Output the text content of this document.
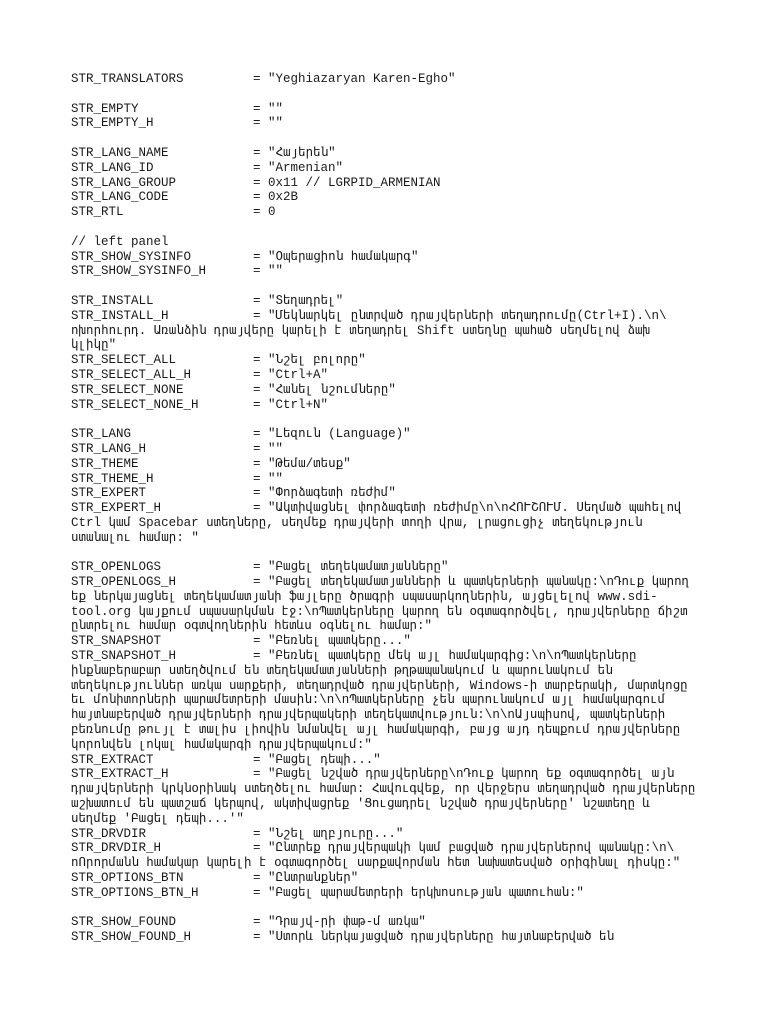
STR_TRANSLATORS	= "Yeghiazaryan Karen-Egho"
STR_EMPTY	= ""
STR_EMPTY_H	= ""
STR_LANG_NAME	= "Հայերեն"
STR_LANG_ID	= "Armenian"
STR_LANG_GROUP	= 0x11 // LGRPID_ARMENIAN
STR_LANG_CODE	= 0x2B
STR_RTL	= 0
// left panel
STR_SHOW_SYSINFO	= "Օպերացիոն համակարգ"
STR_SHOW_SYSINFO_H	= ""
STR_INSTALL	= "Տեղադրել"
STR_INSTALL_H	= "Մեկնարկել ընտրված դրայվերների տեղադրումը(Ctrl+I).\n\
ոխորհուրդ. Առանձին դրայվերը կարելի է տեղադրել Shift ստեղնը պահած սեղմելով ձախ
կլիկը"
STR_SELECT_ALL	= "Նշել բոլորը"
STR_SELECT_ALL_H	= "Ctrl+A"
STR_SELECT_NONE	= "Հանել նշումները"
STR_SELECT_NONE_H	= "Ctrl+N"
STR_LANG	= "Լեզուն (Language)"
STR_LANG_H	= ""
STR_THEME	= "Թեմա/տեսք"
STR_THEME_H	= ""
STR_EXPERT	= "Փորձագետի ռեժիմ"
STR_EXPERT_H	= "Ակտիվացնել փորձագետի ռեժիմը\n\nՀՈՒՇՈՒՄ. Սեղմած պահելով
Ctrl կամ Spacebar ստեղները, սեղմեք դրայվերի տողի վրա, լրացուցիչ տեղեկություն
ստանալու համար: "
STR_OPENLOGS	= "Բացել տեղեկամատյանները"
STR_OPENLOGS_H	= "Բացել տեղեկամատյանների և պատկերների պանակը:\nԴուք կարող
եք ներկայացնել տեղեկամատյանի ֆայլերը ծրագրի սպասարկողներին, այցելելով www.sdi-
tool.org կայքում սպասարկման էջ:\nՊատկերները կարող են օգտագործվել, դրայվերները ճիշտ
ընտրելու համար օգտվողներին հետևս օգնելու համար:"
STR_SNAPSHOT	= "Բեռնել պատկերը..."
STR_SNAPSHOT_H	= "Բեռնել պատկերը մեկ այլ համակարգից:\n\nՊատկերները
ինքնաբերաբար ստեղծվում են տեղեկամատյանների թղթապանակում և պարունակում են
տեղեկություններ առկա սարքերի, տեղադրված դրայվերների, Windows-ի տարբերակի, մարտկոցը
եւ մոնիտորների պարամետրերի մասին:\n\nՊատկերները չեն պարունակում այլ համակարգում
հայտնաբերված դրայվերների դրայվերպակերի տեղեկատվություն:\n\nԱյսպիսով, պատկերների
բեռնումը թույլ է տալիս լիովին նմանվել այլ համակարգի, բայց այդ դեպքում դրայվերները
կորոնվեն լոկալ համակարգի դրայվերպակում:"
STR_EXTRACT	= "Բացել դեպի..."
STR_EXTRACT_H	= "Բացել նշված դրայվերները\nԴուք կարող եք օգտագործել այն
դրայվերների կրկնօրինակ ստեղծելու համար: Հավուգվեք, որ վերջերս տեղադրված դրայվերները
աշխատում են պատշաճ կերպով, ակտիվացրեք 'Ցուցադրել նշված դրայվերները' նշատեղը և
սեղմեք 'Բացել դեպի...'"
STR_DRVDIR	= "Նշել աղբյուրը..."
STR_DRVDIR_H	= "Ընտրեք դրայվերպակի կամ բացված դրայվերներով պանակը:\n\
ոՈրորմանն համակար կարելի է օգտագործել սարքավորման հետ նախատեսված օրիգինալ դիսկը:"
STR_OPTIONS_BTN	= "Ընտրանքներ"
STR_OPTIONS_BTN_H	= "Բացել պարամետրերի երկխոսության պատուհան:"
STR_SHOW_FOUND	= "Դրայվ-րի փաթ-մ առկա"
STR_SHOW_FOUND_H	= "Ստորև ներկայացված դրայվերները հայտնաբերված են
